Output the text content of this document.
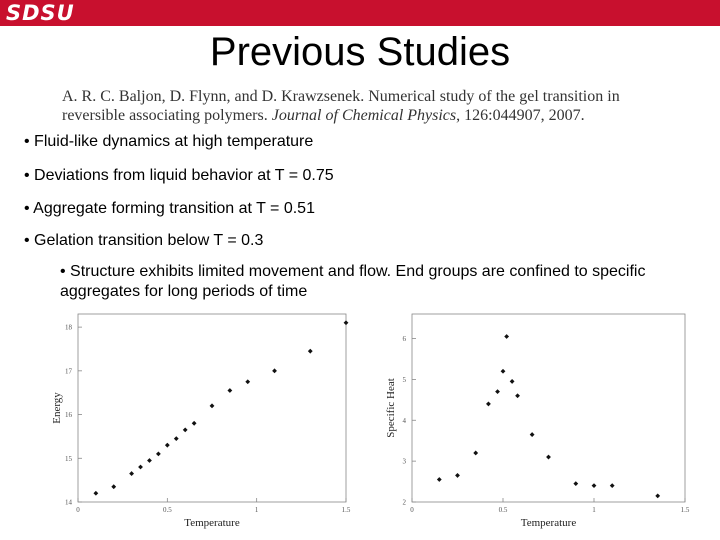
SDSU
Previous Studies
A. R. C. Baljon, D. Flynn, and D. Krawzsenek. Numerical study of the gel transition in reversible associating polymers. Journal of Chemical Physics, 126:044907, 2007.
• Fluid-like dynamics at high temperature
• Deviations from liquid behavior at T = 0.75
• Aggregate forming transition at T = 0.51
• Gelation transition below T = 0.3
• Structure exhibits limited movement and flow. End groups are confined to specific aggregates for long periods of time
0	0.5	1	1.5
14
15
16
17
18
Temperature
Energy
0	0.5	1	1.5
2
3
4
5
6
Temperature
Specific Heat
